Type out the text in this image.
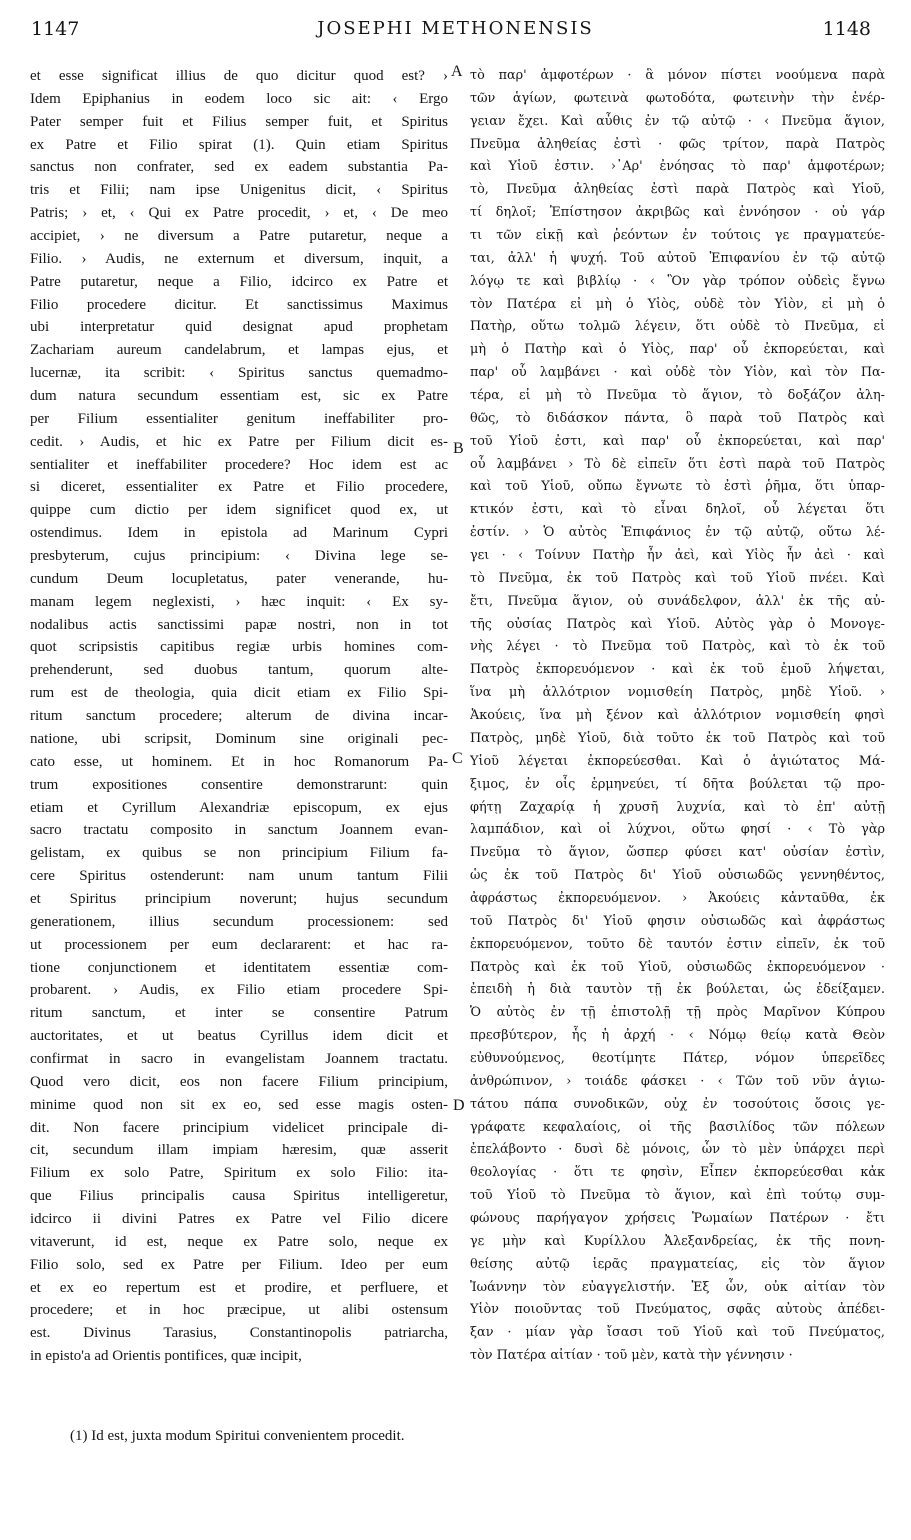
1147	JOSEPHI METHONENSIS	1148
et esse significat illius de quo dicitur quod est? ›
Idem Epiphanius in eodem loco sic ait: ‹ Ergo
Pater semper fuit et Filius semper fuit, et Spiritus
ex Patre et Filio spirat (1). Quin etiam Spiritus
sanctus non confrater, sed ex eadem substantia Pa-
tris et Filii; nam ipse Unigenitus dicit, ‹ Spiritus
Patris; › et, ‹ Qui ex Patre procedit, › et, ‹ De meo
accipiet, › ne diversum a Patre putaretur, neque a
Filio. › Audis, ne externum et diversum, inquit, a
Patre putaretur, neque a Filio, idcirco ex Patre et
Filio procedere dicitur. Et sanctissimus Maximus
ubi interpretatur quid designat apud prophetam
Zachariam aureum candelabrum, et lampas ejus, et
lucernæ, ita scribit: ‹ Spiritus sanctus quemadmo-
dum natura secundum essentiam est, sic ex Patre
per Filium essentialiter genitum ineffabiliter pro-
cedit. › Audis, et hic ex Patre per Filium dicit es-
sentialiter et ineffabiliter procedere? Hoc idem est ac
si diceret, essentialiter ex Patre et Filio procedere,
quippe cum dictio per idem significet quod ex, ut
ostendimus. Idem in epistola ad Marinum Cypri
presbyterum, cujus principium: ‹ Divina lege se-
cundum Deum locupletatus, pater venerande, hu-
manam legem neglexisti, › hæc inquit: ‹ Ex sy-
nodalibus actis sanctissimi papæ nostri, non in tot
quot scripsistis capitibus regiæ urbis homines com-
prehenderunt, sed duobus tantum, quorum alte-
rum est de theologia, quia dicit etiam ex Filio Spi-
ritum sanctum procedere; alterum de divina incar-
natione, ubi scripsit, Dominum sine originali pec-
cato esse, ut hominem. Et in hoc Romanorum Pa-
trum expositiones consentire demonstrarunt: quin
etiam et Cyrillum Alexandriæ episcopum, ex ejus
sacro tractatu composito in sanctum Joannem evan-
gelistam, ex quibus se non principium Filium fa-
cere Spiritus ostenderunt: nam unum tantum Filii
et Spiritus principium noverunt; hujus secundum
generationem, illius secundum processionem: sed
ut processionem per eum declararent: et hac ra-
tione conjunctionem et identitatem essentiæ com-
probarent. › Audis, ex Filio etiam procedere Spi-
ritum sanctum, et inter se consentire Patrum
auctoritates, et ut beatus Cyrillus idem dicit et
confirmat in sacro in evangelistam Joannem tractatu.
Quod vero dicit, eos non facere Filium principium,
minime quod non sit ex eo, sed esse magis osten-
dit. Non facere principium videlicet principale di-
cit, secundum illam impiam hæresim, quæ asserit
Filium ex solo Patre, Spiritum ex solo Filio: ita-
que Filius principalis causa Spiritus intelligeretur,
idcirco ii divini Patres ex Patre vel Filio dicere
vitaverunt, id est, neque ex Patre solo, neque ex
Filio solo, sed ex Patre per Filium. Ideo per eum
et ex eo repertum est et prodire, et perfluere, et
procedere; et in hoc præcipue, ut alibi ostensum
est. Divinus Tarasius, Constantinopolis patriarcha,
in episto'a ad Orientis pontifices, quæ incipit,
τὸ παρ' ἀμφοτέρων · ἃ μόνον πίστει νοούμενα παρὰ
τῶν ἁγίων, φωτεινὰ φωτοδότα, φωτεινὴν τὴν ἐνέρ-
γειαν ἔχει. Καὶ αὖθις ἐν τῷ αὐτῷ · ‹ Πνεῦμα ἅγιον,
Πνεῦμα ἀληθείας ἐστὶ · φῶς τρίτον, παρὰ Πατρὸς
καὶ Υἱοῦ ἐστιν. ›᾽Αρ' ἐνόησας τὸ παρ' ἀμφοτέρων;
τὸ, Πνεῦμα ἀληθείας ἐστὶ παρὰ Πατρὸς καὶ Υἱοῦ,
τί δηλοῖ; Ἐπίστησον ἀκριβῶς καὶ ἐννόησον · οὐ γάρ
τι τῶν εἰκῇ καὶ ῥεόντων ἐν τούτοις γε πραγματεύε-
ται, ἀλλ' ἡ ψυχή. Τοῦ αὐτοῦ Ἐπιφανίου ἐν τῷ αὐτῷ
λόγῳ τε καὶ βιβλίῳ · ‹ Ὃν γὰρ τρόπον οὐδεὶς ἔγνω
τὸν Πατέρα εἰ μὴ ὁ Υἱὸς, οὐδὲ τὸν Υἱὸν, εἰ μὴ ὁ
Πατὴρ, οὕτω τολμῶ λέγειν, ὅτι οὐδὲ τὸ Πνεῦμα, εἰ
μὴ ὁ Πατὴρ καὶ ὁ Υἱὸς, παρ' οὗ ἐκπορεύεται, καὶ
παρ' οὗ λαμβάνει · καὶ οὐδὲ τὸν Υἱὸν, καὶ τὸν Πα-
τέρα, εἰ μὴ τὸ Πνεῦμα τὸ ἅγιον, τὸ δοξάζον ἀλη-
θῶς, τὸ διδάσκον πάντα, ὃ παρὰ τοῦ Πατρὸς καὶ
τοῦ Υἱοῦ ἐστι, καὶ παρ' οὗ ἐκπορεύεται, καὶ παρ'
οὗ λαμβάνει › Τὸ δὲ εἰπεῖν ὅτι ἐστὶ παρὰ τοῦ Πατρὸς
καὶ τοῦ Υἱοῦ, οὔπω ἔγνωτε τὸ ἐστὶ ῥῆμα, ὅτι ὑπαρ-
κτικόν ἐστι, καὶ τὸ εἶναι δηλοῖ, οὗ λέγεται ὅτι
ἐστίν. › Ὁ αὐτὸς Ἐπιφάνιος ἐν τῷ αὐτῷ, οὕτω λέ-
γει · ‹ Τοίνυν Πατὴρ ἦν ἀεὶ, καὶ Υἱὸς ἦν ἀεὶ · καὶ
τὸ Πνεῦμα, ἐκ τοῦ Πατρὸς καὶ τοῦ Υἱοῦ πνέει. Καὶ
ἔτι, Πνεῦμα ἅγιον, οὐ συνάδελφον, ἀλλ' ἐκ τῆς αὐ-
τῆς οὐσίας Πατρὸς καὶ Υἱοῦ. Αὐτὸς γὰρ ὁ Μονογε-
νὴς λέγει · τὸ Πνεῦμα τοῦ Πατρὸς, καὶ τὸ ἐκ τοῦ
Πατρὸς ἐκπορευόμενον · καὶ ἐκ τοῦ ἐμοῦ λήψεται,
ἵνα μὴ ἀλλότριον νομισθείη Πατρὸς, μηδὲ Υἱοῦ. ›
Ἀκούεις, ἵνα μὴ ξένον καὶ ἀλλότριον νομισθείη φησὶ
Πατρὸς, μηδὲ Υἱοῦ, διὰ τοῦτο ἐκ τοῦ Πατρὸς καὶ τοῦ
Υἱοῦ λέγεται ἐκπορεύεσθαι. Καὶ ὁ ἁγιώτατος Μά-
ξιμος, ἐν οἷς ἑρμηνεύει, τί δῆτα βούλεται τῷ προ-
φήτῃ Ζαχαρίᾳ ἡ χρυσῆ λυχνία, καὶ τὸ ἐπ' αὐτῇ
λαμπάδιον, καὶ οἱ λύχνοι, οὕτω φησί · ‹ Τὸ γὰρ
Πνεῦμα τὸ ἅγιον, ὥσπερ φύσει κατ' οὐσίαν ἐστὶν,
ὡς ἐκ τοῦ Πατρὸς δι' Υἱοῦ οὐσιωδῶς γεννηθέντος,
ἀφράστως ἐκπορευόμενον. › Ἀκούεις κἀνταῦθα, ἐκ
τοῦ Πατρὸς δι' Υἱοῦ φησιν οὐσιωδῶς καὶ ἀφράστως
ἐκπορευόμενον, τοῦτο δὲ ταυτόν ἐστιν εἰπεῖν, ἐκ τοῦ
Πατρὸς καὶ ἐκ τοῦ Υἱοῦ, οὐσιωδῶς ἐκπορευόμενον ·
ἐπειδὴ ἡ διὰ ταυτὸν τῇ ἐκ βούλεται, ὡς ἐδείξαμεν.
Ὁ αὐτὸς ἐν τῇ ἐπιστολῇ τῇ πρὸς Μαρῖνον Κύπρου
πρεσβύτερον, ἧς ἡ ἀρχή · ‹ Νόμῳ θείῳ κατὰ Θεὸν
εὐθυνούμενος, θεοτίμητε Πάτερ, νόμον ὑπερεῖδες
ἀνθρώπινον, › τοιάδε φάσκει · ‹ Τῶν τοῦ νῦν ἁγιω-
τάτου πάπα συνοδικῶν, οὐχ ἐν τοσούτοις ὅσοις γε-
γράφατε κεφαλαίοις, οἱ τῆς βασιλίδος τῶν πόλεων
ἐπελάβοντο · δυσὶ δὲ μόνοις, ὧν τὸ μὲν ὑπάρχει περὶ
θεολογίας · ὅτι τε φησὶν, Εἶπεν ἐκπορεύεσθαι κἀκ
τοῦ Υἱοῦ τὸ Πνεῦμα τὸ ἅγιον, καὶ ἐπὶ τούτῳ συμ-
φώνους παρήγαγον χρήσεις Ῥωμαίων Πατέρων · ἔτι
γε μὴν καὶ Κυρίλλου Ἀλεξανδρείας, ἐκ τῆς πονη-
θείσης αὐτῷ ἱερᾶς πραγματείας, εἰς τὸν ἅγιον
Ἰωάννην τὸν εὐαγγελιστήν. Ἐξ ὧν, οὐκ αἰτίαν τὸν
Υἱὸν ποιοῦντας τοῦ Πνεύματος, σφᾶς αὐτοὺς ἀπέδει-
ξαν · μίαν γὰρ ἴσασι τοῦ Υἱοῦ καὶ τοῦ Πνεύματος,
τὸν Πατέρα αἰτίαν · τοῦ μὲν, κατὰ τὴν γέννησιν ·
A
B
C
D
(1) Id est, juxta modum Spiritui convenientem procedit.
